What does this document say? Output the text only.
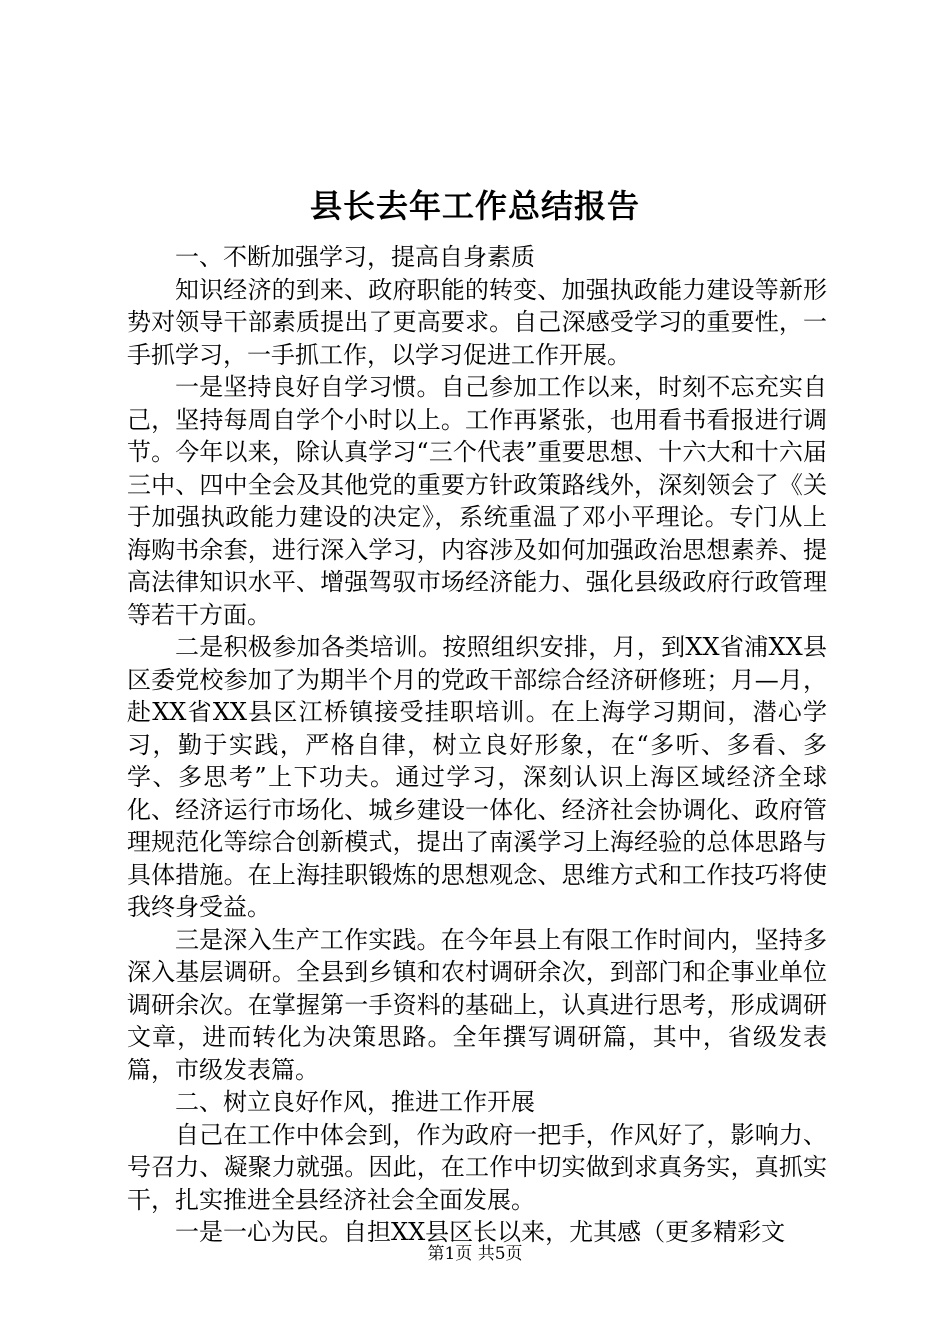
县长去年工作总结报告

一、不断加强学习，提高自身素质

知识经济的到来、政府职能的转变、加强执政能力建设等新形势对领导干部素质提出了更高要求。自己深感受学习的重要性，一手抓学习，一手抓工作，以学习促进工作开展。

一是坚持良好自学习惯。自己参加工作以来，时刻不忘充实自己，坚持每周自学个小时以上。工作再紧张，也用看书看报进行调节。今年以来，除认真学习“三个代表”重要思想、十六大和十六届三中、四中全会及其他党的重要方针政策路线外，深刻领会了《关于加强执政能力建设的决定》，系统重温了邓小平理论。专门从上海购书余套，进行深入学习，内容涉及如何加强政治思想素养、提高法律知识水平、增强驾驭市场经济能力、强化县级政府行政管理等若干方面。

二是积极参加各类培训。按照组织安排，月，到XX省浦XX县区委党校参加了为期半个月的党政干部综合经济研修班；月—月，赴XX省XX县区江桥镇接受挂职培训。在上海学习期间，潜心学习，勤于实践，严格自律，树立良好形象，在“多听、多看、多学、多思考”上下功夫。通过学习，深刻认识上海区域经济全球化、经济运行市场化、城乡建设一体化、经济社会协调化、政府管理规范化等综合创新模式，提出了南溪学习上海经验的总体思路与具体措施。在上海挂职锻炼的思想观念、思维方式和工作技巧将使我终身受益。

三是深入生产工作实践。在今年县上有限工作时间内，坚持多深入基层调研。全县到乡镇和农村调研余次，到部门和企事业单位调研余次。在掌握第一手资料的基础上，认真进行思考，形成调研文章，进而转化为决策思路。全年撰写调研篇，其中，省级发表篇，市级发表篇。

二、树立良好作风，推进工作开展

自己在工作中体会到，作为政府一把手，作风好了，影响力、号召力、凝聚力就强。因此，在工作中切实做到求真务实，真抓实干，扎实推进全县经济社会全面发展。

一是一心为民。自担XX县区长以来，尤其感（更多精彩文

第1页 共5页
